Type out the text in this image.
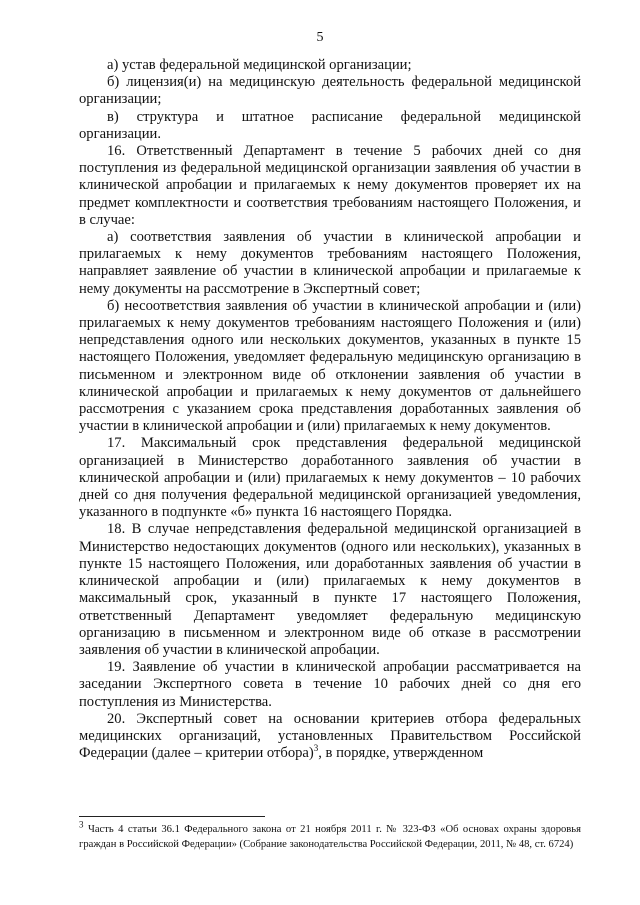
5

а) устав федеральной медицинской организации;

б) лицензия(и) на медицинскую деятельность федеральной медицинской организации;

в) структура и штатное расписание федеральной медицинской организации.

16. Ответственный Департамент в течение 5 рабочих дней со дня поступления из федеральной медицинской организации заявления об участии в клинической апробации и прилагаемых к нему документов проверяет их на предмет комплектности и соответствия требованиям настоящего Положения, и в случае:

а) соответствия заявления об участии в клинической апробации и прилагаемых к нему документов требованиям настоящего Положения, направляет заявление об участии в клинической апробации и прилагаемые к нему документы на рассмотрение в Экспертный совет;

б) несоответствия заявления об участии в клинической апробации и (или) прилагаемых к нему документов требованиям настоящего Положения и (или) непредставления одного или нескольких документов, указанных в пункте 15 настоящего Положения, уведомляет федеральную медицинскую организацию в письменном и электронном виде об отклонении заявления об участии в клинической апробации и прилагаемых к нему документов от дальнейшего рассмотрения с указанием срока представления доработанных заявления об участии в клинической апробации и (или) прилагаемых к нему документов.

17. Максимальный срок представления федеральной медицинской организацией в Министерство доработанного заявления об участии в клинической апробации и (или) прилагаемых к нему документов – 10 рабочих дней со дня получения федеральной медицинской организацией уведомления, указанного в подпункте «б» пункта 16 настоящего Порядка.

18. В случае непредставления федеральной медицинской организацией в Министерство недостающих документов (одного или нескольких), указанных в пункте 15 настоящего Положения, или доработанных заявления об участии в клинической апробации и (или) прилагаемых к нему документов в максимальный срок, указанный в пункте 17 настоящего Положения, ответственный Департамент уведомляет федеральную медицинскую организацию в письменном и электронном виде об отказе в рассмотрении заявления об участии в клинической апробации.

19. Заявление об участии в клинической апробации рассматривается на заседании Экспертного совета в течение 10 рабочих дней со дня его поступления из Министерства.

20. Экспертный совет на основании критериев отбора федеральных медицинских организаций, установленных Правительством Российской Федерации (далее – критерии отбора)$^3$, в порядке, утвержденном

$^3$ Часть 4 статьи 36.1 Федерального закона от 21 ноября 2011 г. № 323-ФЗ «Об основах охраны здоровья граждан в Российской Федерации» (Собрание законодательства Российской Федерации, 2011, № 48, ст. 6724)
